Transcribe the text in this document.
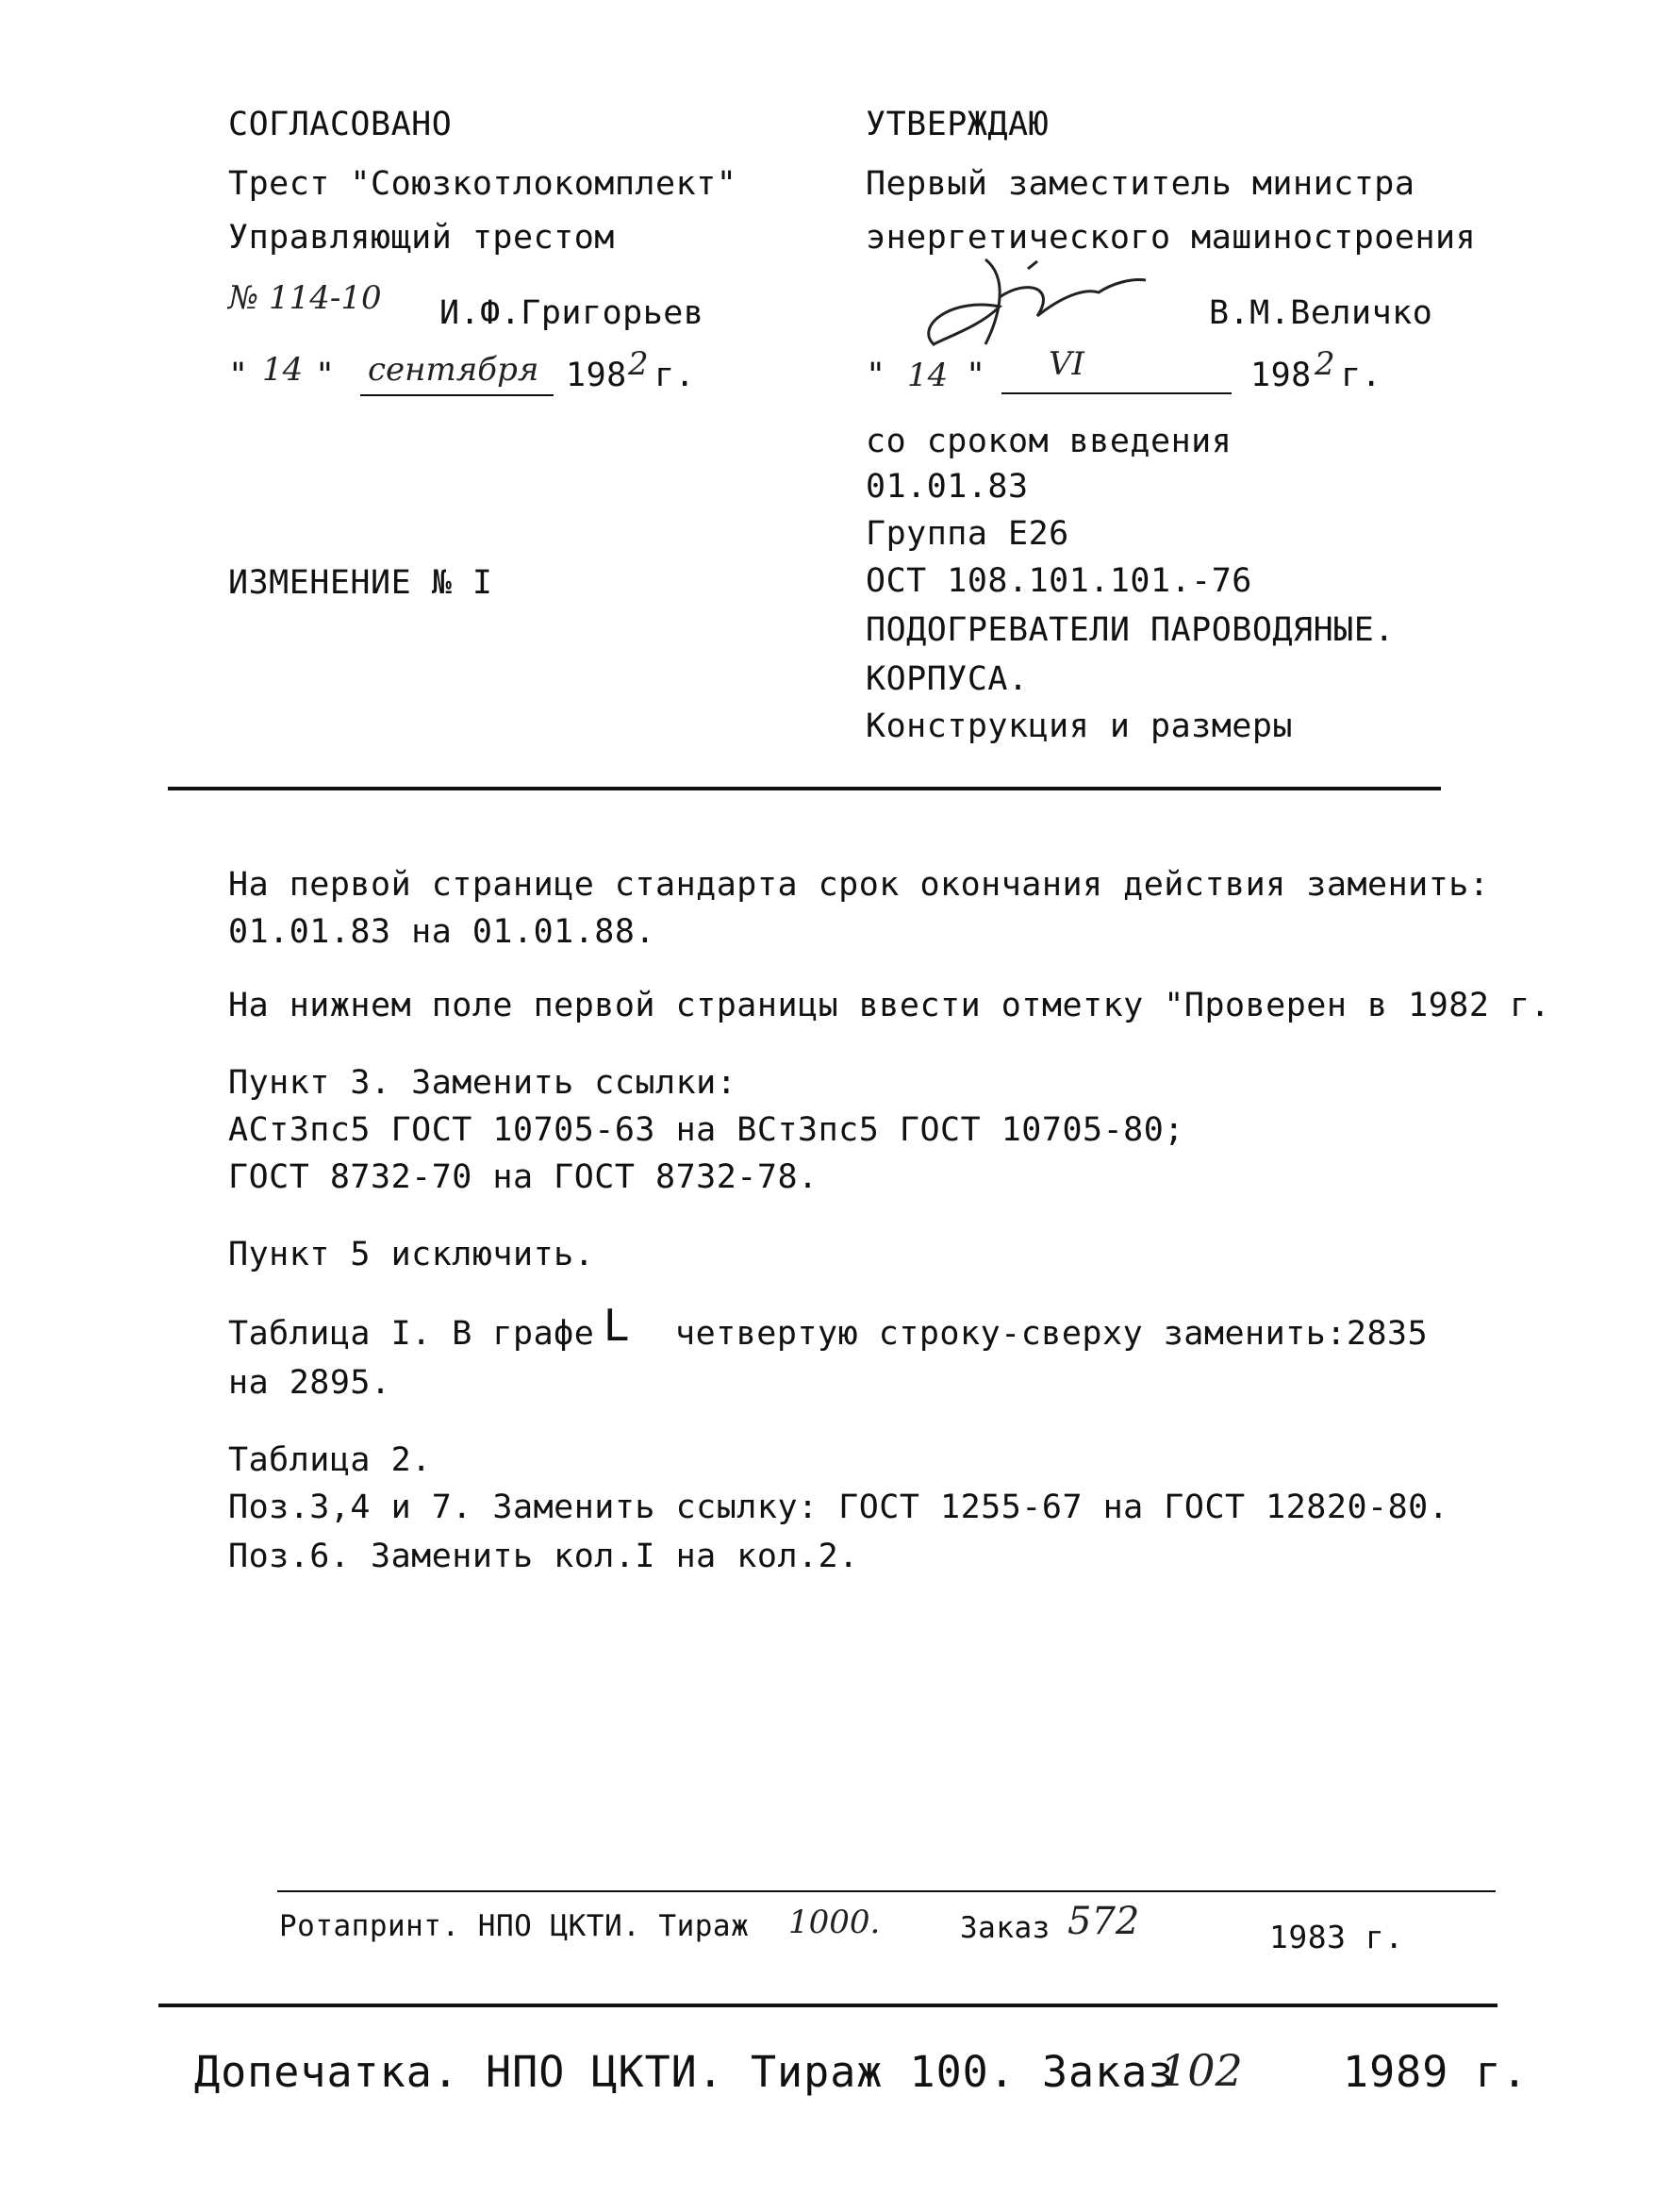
СОГЛАСОВАНО
Трест "Союзкотлокомплект"
Управляющий трестом
№ 114-10 И.Ф.Григорьев
" 14 " сентября 198 2 г.
ИЗМЕНЕНИЕ № I
УТВЕРЖДАЮ
Первый заместитель министра
энергетического машиностроения
В.М.Величко
" 14 " VI	198 2 г.
со сроком введения
01.01.83
Группа Е26
ОСТ 108.101.101.-76
ПОДОГРЕВАТЕЛИ ПАРОВОДЯНЫЕ.
КОРПУСА.
Конструкция и размеры
На первой странице стандарта срок окончания действия заменить:
01.01.83 на 01.01.88.
На нижнем поле первой страницы ввести отметку "Проверен в 1982 г.
Пункт 3. Заменить ссылки:
АСт3пс5 ГОСТ 10705-63 на ВСт3пс5 ГОСТ 10705-80;
ГОСТ 8732-70 на ГОСТ 8732-78.
Пункт 5 исключить.
Таблица I. В графе L четвертую строку-сверху заменить:2835
на 2895.
Таблица 2.
Поз.3,4 и 7. Заменить ссылку: ГОСТ 1255-67 на ГОСТ 12820-80.
Поз.6. Заменить кол.I на кол.2.
Ротапринт. НПО ЦКТИ. Тираж 1000.	Заказ 572	1983 г.
Допечатка. НПО ЦКТИ. Тираж 100. Заказ
102 1989 г.
